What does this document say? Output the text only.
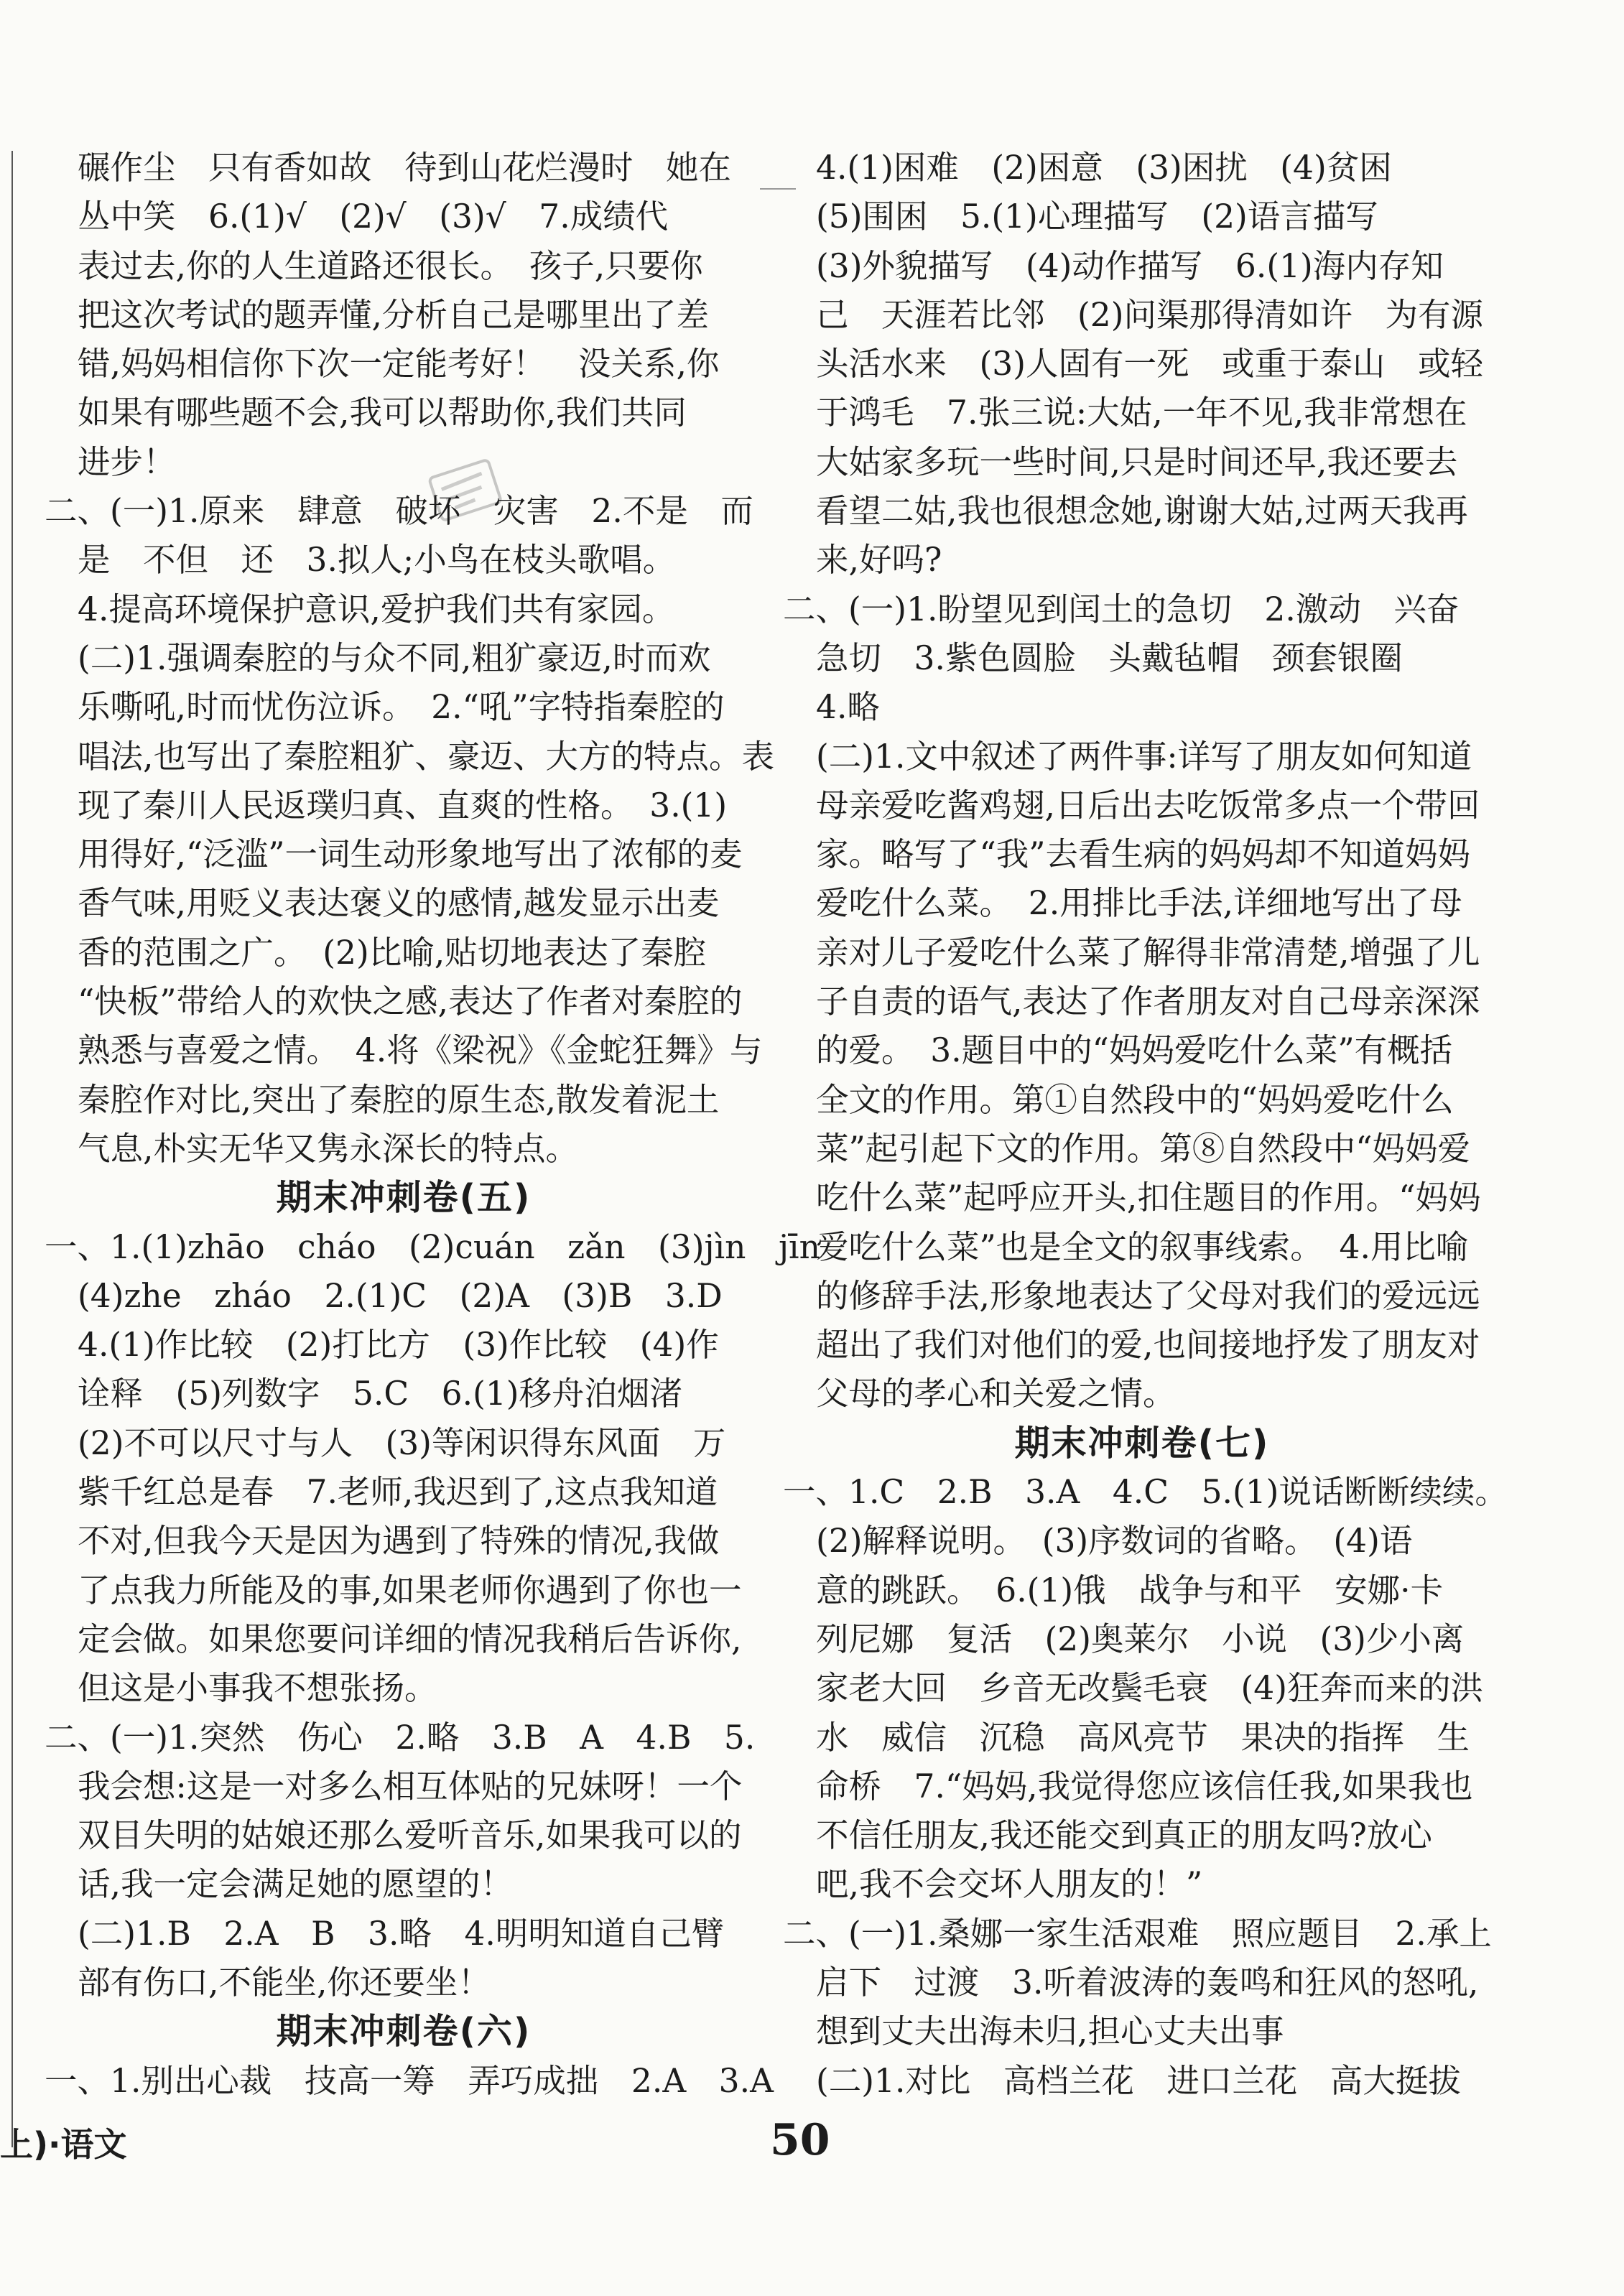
碾作尘　只有香如故　待到山花烂漫时　她在
丛中笑　6.(1)√　(2)√　(3)√　7.成绩代
表过去,你的人生道路还很长。　孩子,只要你
把这次考试的题弄懂,分析自己是哪里出了差
错,妈妈相信你下次一定能考好！　没关系,你
如果有哪些题不会,我可以帮助你,我们共同
进步！
二、(一)1.原来　肆意　破坏　灾害　2.不是　而
是　不但　还　3.拟人;小鸟在枝头歌唱。
4.提高环境保护意识,爱护我们共有家园。
(二)1.强调秦腔的与众不同,粗犷豪迈,时而欢
乐嘶吼,时而忧伤泣诉。　2.“吼”字特指秦腔的
唱法,也写出了秦腔粗犷、豪迈、大方的特点。表
现了秦川人民返璞归真、直爽的性格。　3.(1)
用得好,“泛滥”一词生动形象地写出了浓郁的麦
香气味,用贬义表达褒义的感情,越发显示出麦
香的范围之广。　(2)比喻,贴切地表达了秦腔
“快板”带给人的欢快之感,表达了作者对秦腔的
熟悉与喜爱之情。　4.将《梁祝》《金蛇狂舞》与
秦腔作对比,突出了秦腔的原生态,散发着泥土
气息,朴实无华又隽永深长的特点。
期末冲刺卷(五)
一、1.(1)zhāo　cháo　(2)cuán　zǎn　(3)jìn　jīn
(4)zhe　zháo　2.(1)C　(2)A　(3)B　3.D
4.(1)作比较　(2)打比方　(3)作比较　(4)作
诠释　(5)列数字　5.C　6.(1)移舟泊烟渚
(2)不可以尺寸与人　(3)等闲识得东风面　万
紫千红总是春　7.老师,我迟到了,这点我知道
不对,但我今天是因为遇到了特殊的情况,我做
了点我力所能及的事,如果老师你遇到了你也一
定会做。如果您要问详细的情况我稍后告诉你,
但这是小事我不想张扬。
二、(一)1.突然　伤心　2.略　3.B　A　4.B　5.
我会想:这是一对多么相互体贴的兄妹呀！一个
双目失明的姑娘还那么爱听音乐,如果我可以的
话,我一定会满足她的愿望的！
(二)1.B　2.A　B　3.略　4.明明知道自己臂
部有伤口,不能坐,你还要坐！
期末冲刺卷(六)
一、1.别出心裁　技高一筹　弄巧成拙　2.A　3.A
4.(1)困难　(2)困意　(3)困扰　(4)贫困
(5)围困　5.(1)心理描写　(2)语言描写
(3)外貌描写　(4)动作描写　6.(1)海内存知
己　天涯若比邻　(2)问渠那得清如许　为有源
头活水来　(3)人固有一死　或重于泰山　或轻
于鸿毛　7.张三说:大姑,一年不见,我非常想在
大姑家多玩一些时间,只是时间还早,我还要去
看望二姑,我也很想念她,谢谢大姑,过两天我再
来,好吗?
二、(一)1.盼望见到闰土的急切　2.激动　兴奋
急切　3.紫色圆脸　头戴毡帽　颈套银圈
4.略
(二)1.文中叙述了两件事:详写了朋友如何知道
母亲爱吃酱鸡翅,日后出去吃饭常多点一个带回
家。略写了“我”去看生病的妈妈却不知道妈妈
爱吃什么菜。　2.用排比手法,详细地写出了母
亲对儿子爱吃什么菜了解得非常清楚,增强了儿
子自责的语气,表达了作者朋友对自己母亲深深
的爱。　3.题目中的“妈妈爱吃什么菜”有概括
全文的作用。第①自然段中的“妈妈爱吃什么
菜”起引起下文的作用。第⑧自然段中“妈妈爱
吃什么菜”起呼应开头,扣住题目的作用。“妈妈
爱吃什么菜”也是全文的叙事线索。　4.用比喻
的修辞手法,形象地表达了父母对我们的爱远远
超出了我们对他们的爱,也间接地抒发了朋友对
父母的孝心和关爱之情。
期末冲刺卷(七)
一、1.C　2.B　3.A　4.C　5.(1)说话断断续续。
(2)解释说明。　(3)序数词的省略。　(4)语
意的跳跃。　6.(1)俄　战争与和平　安娜·卡
列尼娜　复活　(2)奥莱尔　小说　(3)少小离
家老大回　乡音无改鬓毛衰　(4)狂奔而来的洪
水　威信　沉稳　高风亮节　果决的指挥　生
命桥　7.“妈妈,我觉得您应该信任我,如果我也
不信任朋友,我还能交到真正的朋友吗?放心
吧,我不会交坏人朋友的！”
二、(一)1.桑娜一家生活艰难　照应题目　2.承上
启下　过渡　3.听着波涛的轰鸣和狂风的怒吼,
想到丈夫出海未归,担心丈夫出事
(二)1.对比　高档兰花　进口兰花　高大挺拔
上)·语文	50
